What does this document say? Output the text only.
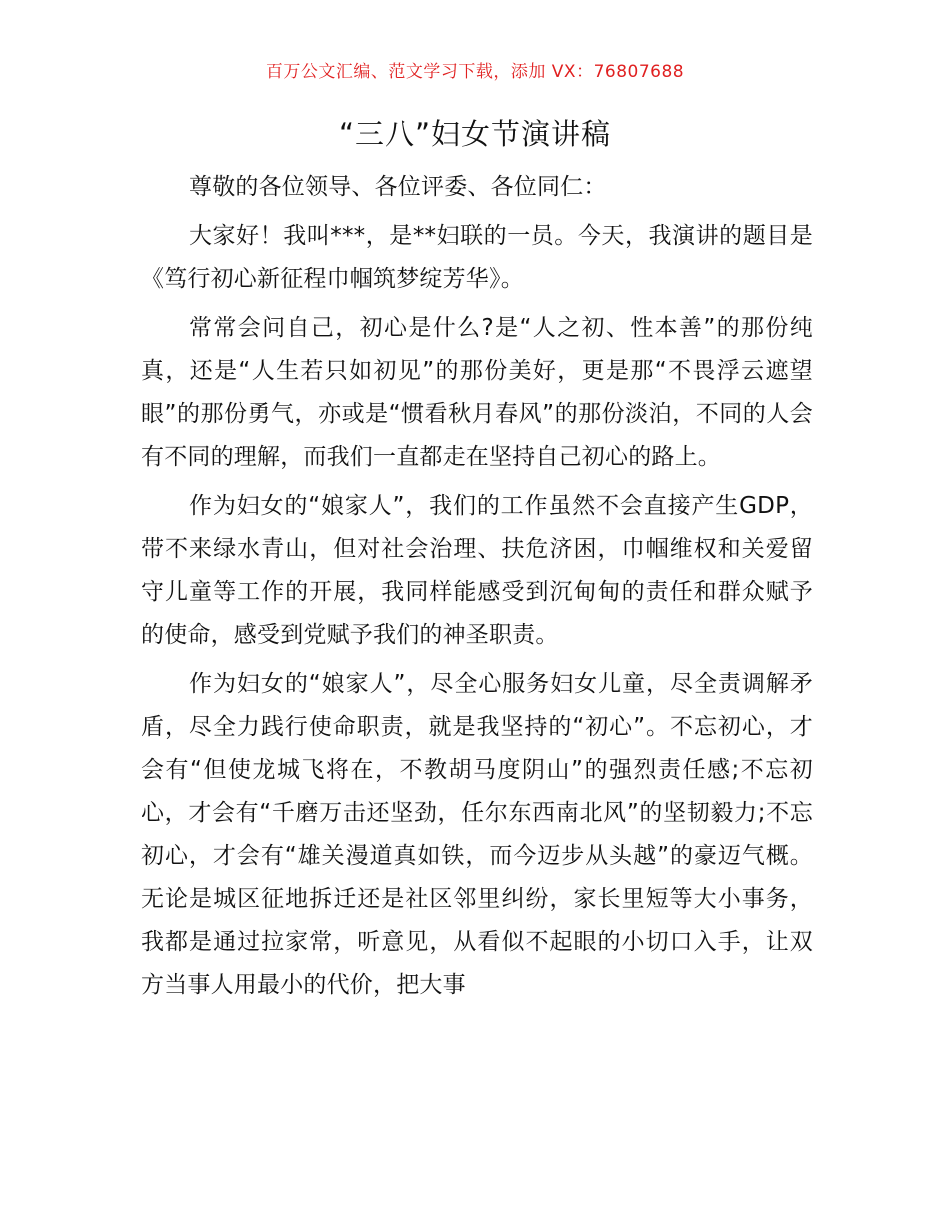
百万公文汇编、范文学习下载，添加 VX：76807688
“三八”妇女节演讲稿

尊敬的各位领导、各位评委、各位同仁：

大家好！我叫***，是**妇联的一员。今天，我演讲的题目是《笃行初心新征程巾帼筑梦绽芳华》。

常常会问自己，初心是什么?是“人之初、性本善”的那份纯真，还是“人生若只如初见”的那份美好，更是那“不畏浮云遮望眼”的那份勇气，亦或是“惯看秋月春风”的那份淡泊，不同的人会有不同的理解，而我们一直都走在坚持自己初心的路上。

作为妇女的“娘家人”，我们的工作虽然不会直接产生GDP，带不来绿水青山，但对社会治理、扶危济困，巾帼维权和关爱留守儿童等工作的开展，我同样能感受到沉甸甸的责任和群众赋予的使命，感受到党赋予我们的神圣职责。

作为妇女的“娘家人”，尽全心服务妇女儿童，尽全责调解矛盾，尽全力践行使命职责，就是我坚持的“初心”。不忘初心，才会有“但使龙城飞将在，不教胡马度阴山”的强烈责任感;不忘初心，才会有“千磨万击还坚劲，任尔东西南北风”的坚韧毅力;不忘初心，才会有“雄关漫道真如铁，而今迈步从头越”的豪迈气概。无论是城区征地拆迁还是社区邻里纠纷，家长里短等大小事务，我都是通过拉家常，听意见，从看似不起眼的小切口入手，让双方当事人用最小的代价，把大事
